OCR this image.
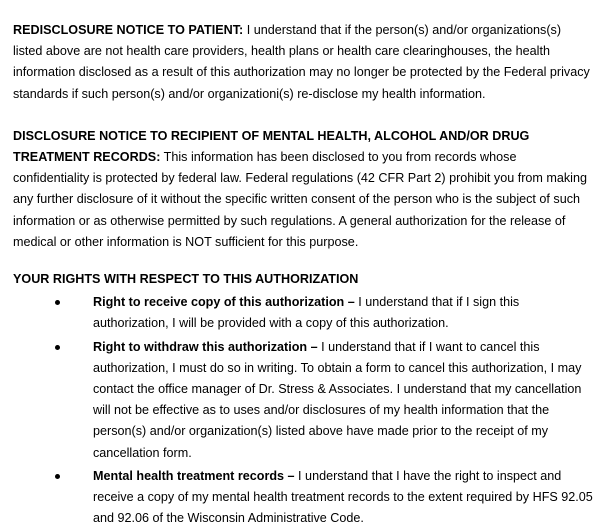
REDISCLOSURE NOTICE TO PATIENT: I understand that if the person(s) and/or organizations(s) listed above are not health care providers, health plans or health care clearinghouses, the health information disclosed as a result of this authorization may no longer be protected by the Federal privacy standards if such person(s) and/or organizationi(s) re-disclose my health information.

DISCLOSURE NOTICE TO RECIPIENT OF MENTAL HEALTH, ALCOHOL AND/OR DRUG TREATMENT RECORDS: This information has been disclosed to you from records whose confidentiality is protected by federal law. Federal regulations (42 CFR Part 2) prohibit you from making any further disclosure of it without the specific written consent of the person who is the subject of such information or as otherwise permitted by such regulations. A general authorization for the release of medical or other information is NOT sufficient for this purpose.

YOUR RIGHTS WITH RESPECT TO THIS AUTHORIZATION

Right to receive copy of this authorization – I understand that if I sign this authorization, I will be provided with a copy of this authorization.
Right to withdraw this authorization – I understand that if I want to cancel this authorization, I must do so in writing. To obtain a form to cancel this authorization, I may contact the office manager of Dr. Stress & Associates. I understand that my cancellation will not be effective as to uses and/or disclosures of my health information that the person(s) and/or organization(s) listed above have made prior to the receipt of my cancellation form.
Mental health treatment records – I understand that I have the right to inspect and receive a copy of my mental health treatment records to the extent required by HFS 92.05 and 92.06 of the Wisconsin Administrative Code.
